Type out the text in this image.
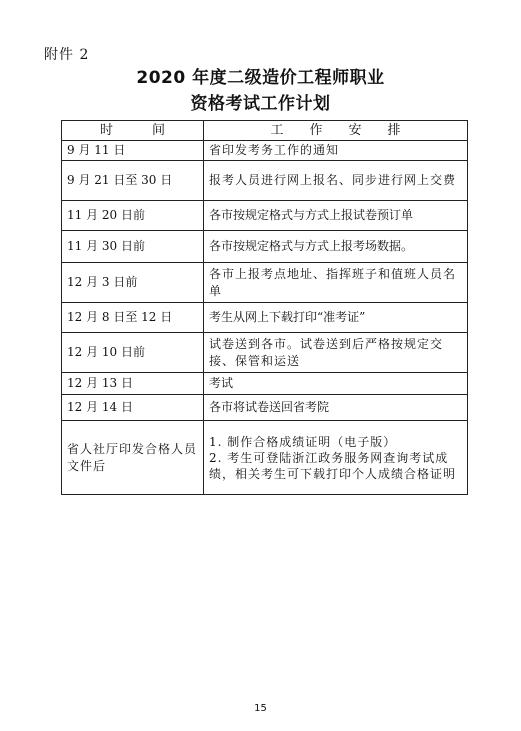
附件 2
2020 年度二级造价工程师职业
资格考试工作计划
时　　　间	工　　作　　安　　排
9 月 11 日	省印发考务工作的通知
9 月 21 日至 30 日	报考人员进行网上报名、同步进行网上交费
11 月 20 日前	各市按规定格式与方式上报试卷预订单
11 月 30 日前	各市按规定格式与方式上报考场数据。
12 月 3 日前	各市上报考点地址、指挥班子和值班人员名单
12 月 8 日至 12 日	考生从网上下载打印“准考证”
12 月 10 日前	试卷送到各市。试卷送到后严格按规定交接、保管和运送
12 月 13 日	考试
12 月 14 日	各市将试卷送回省考院
省人社厅印发合格人员文件后	1. 制作合格成绩证明（电子版）
2. 考生可登陆浙江政务服务网查询考试成绩，相关考生可下载打印个人成绩合格证明
15
